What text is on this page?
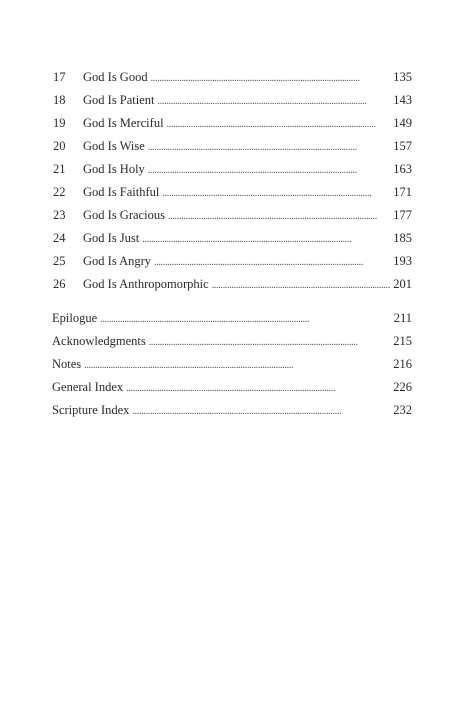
17	God Is Good . . .	135
18	God Is Patient . . .	143
19	God Is Merciful . . .	149
20	God Is Wise . . .	157
21	God Is Holy . . .	163
22	God Is Faithful . . .	171
23	God Is Gracious . . .	177
24	God Is Just . . .	185
25	God Is Angry . . .	193
26	God Is Anthropomorphic . . .	201
Epilogue . . .	211
Acknowledgments . . .	215
Notes . . .	216
General Index . . .	226
Scripture Index . . .	232
